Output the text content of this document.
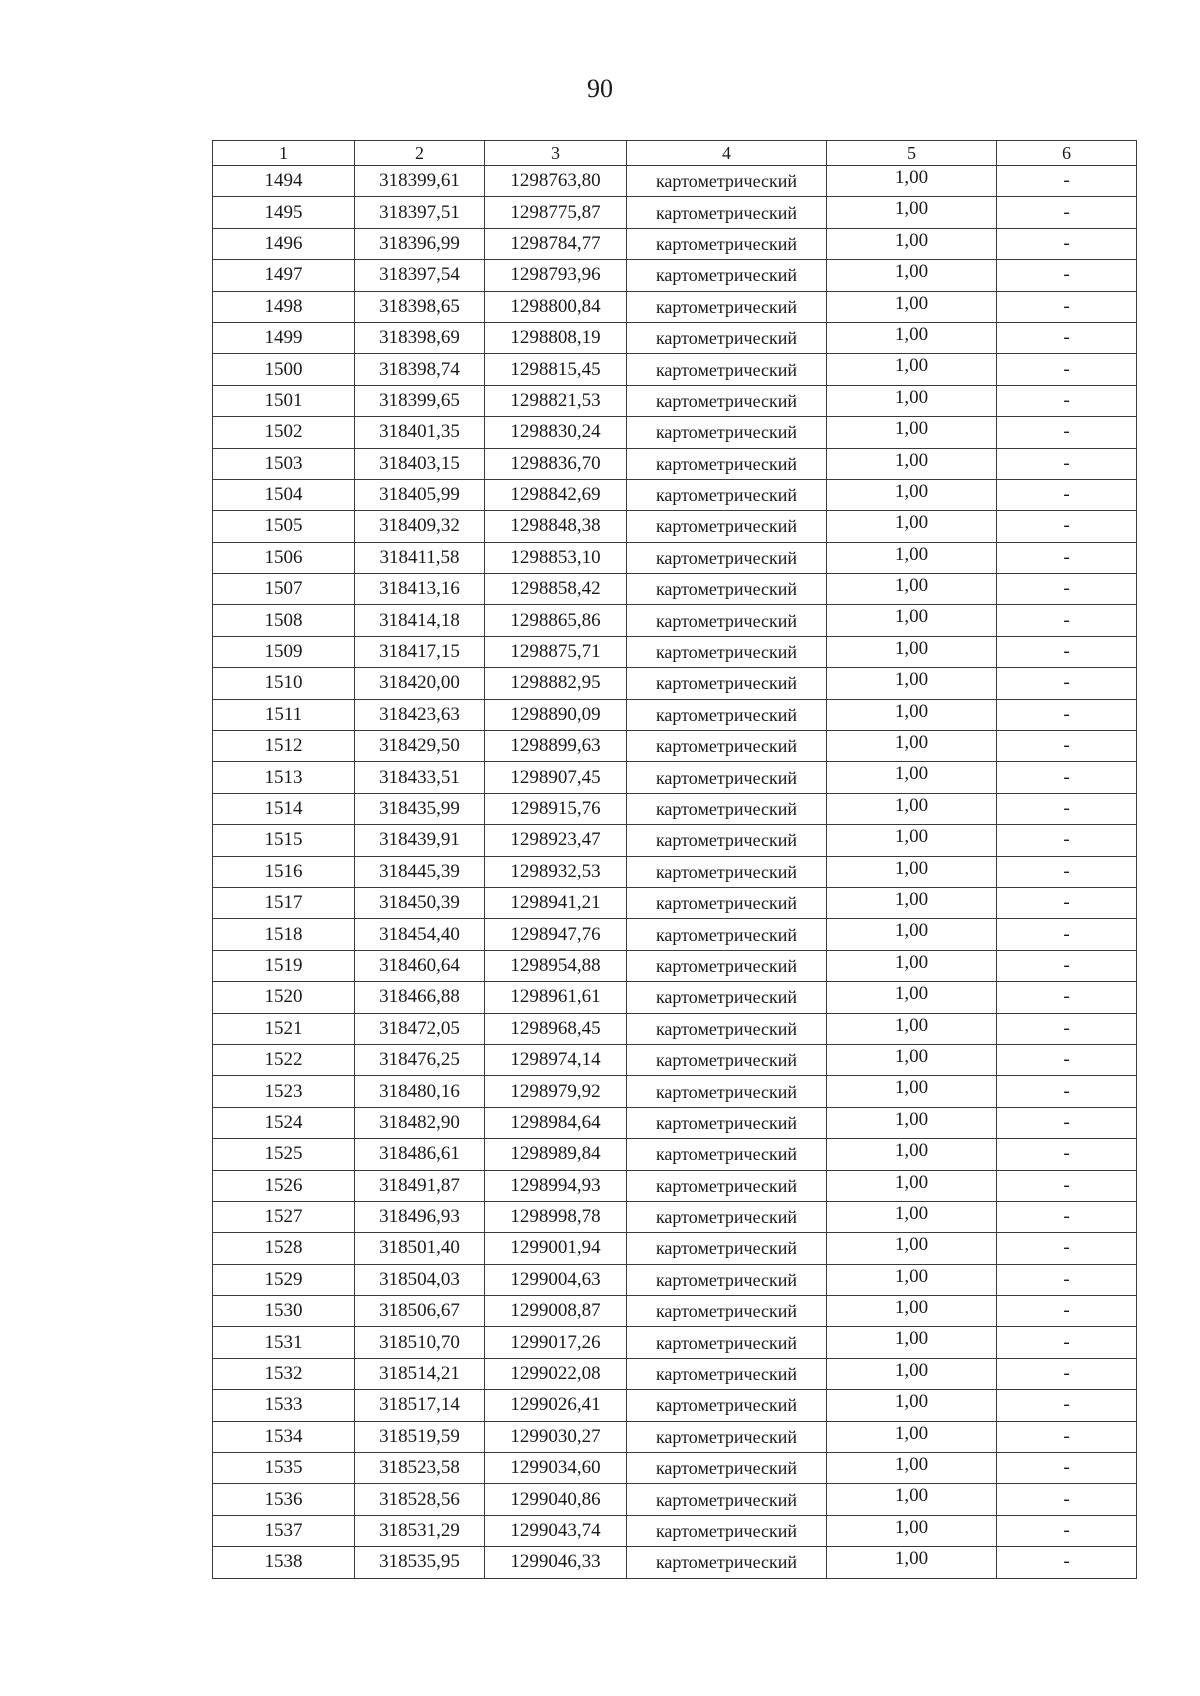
90
1	2	3	4	5	6
1494	318399,61	1298763,80	картометрический	1,00	-
1495	318397,51	1298775,87	картометрический	1,00	-
1496	318396,99	1298784,77	картометрический	1,00	-
1497	318397,54	1298793,96	картометрический	1,00	-
1498	318398,65	1298800,84	картометрический	1,00	-
1499	318398,69	1298808,19	картометрический	1,00	-
1500	318398,74	1298815,45	картометрический	1,00	-
1501	318399,65	1298821,53	картометрический	1,00	-
1502	318401,35	1298830,24	картометрический	1,00	-
1503	318403,15	1298836,70	картометрический	1,00	-
1504	318405,99	1298842,69	картометрический	1,00	-
1505	318409,32	1298848,38	картометрический	1,00	-
1506	318411,58	1298853,10	картометрический	1,00	-
1507	318413,16	1298858,42	картометрический	1,00	-
1508	318414,18	1298865,86	картометрический	1,00	-
1509	318417,15	1298875,71	картометрический	1,00	-
1510	318420,00	1298882,95	картометрический	1,00	-
1511	318423,63	1298890,09	картометрический	1,00	-
1512	318429,50	1298899,63	картометрический	1,00	-
1513	318433,51	1298907,45	картометрический	1,00	-
1514	318435,99	1298915,76	картометрический	1,00	-
1515	318439,91	1298923,47	картометрический	1,00	-
1516	318445,39	1298932,53	картометрический	1,00	-
1517	318450,39	1298941,21	картометрический	1,00	-
1518	318454,40	1298947,76	картометрический	1,00	-
1519	318460,64	1298954,88	картометрический	1,00	-
1520	318466,88	1298961,61	картометрический	1,00	-
1521	318472,05	1298968,45	картометрический	1,00	-
1522	318476,25	1298974,14	картометрический	1,00	-
1523	318480,16	1298979,92	картометрический	1,00	-
1524	318482,90	1298984,64	картометрический	1,00	-
1525	318486,61	1298989,84	картометрический	1,00	-
1526	318491,87	1298994,93	картометрический	1,00	-
1527	318496,93	1298998,78	картометрический	1,00	-
1528	318501,40	1299001,94	картометрический	1,00	-
1529	318504,03	1299004,63	картометрический	1,00	-
1530	318506,67	1299008,87	картометрический	1,00	-
1531	318510,70	1299017,26	картометрический	1,00	-
1532	318514,21	1299022,08	картометрический	1,00	-
1533	318517,14	1299026,41	картометрический	1,00	-
1534	318519,59	1299030,27	картометрический	1,00	-
1535	318523,58	1299034,60	картометрический	1,00	-
1536	318528,56	1299040,86	картометрический	1,00	-
1537	318531,29	1299043,74	картометрический	1,00	-
1538	318535,95	1299046,33	картометрический	1,00	-
